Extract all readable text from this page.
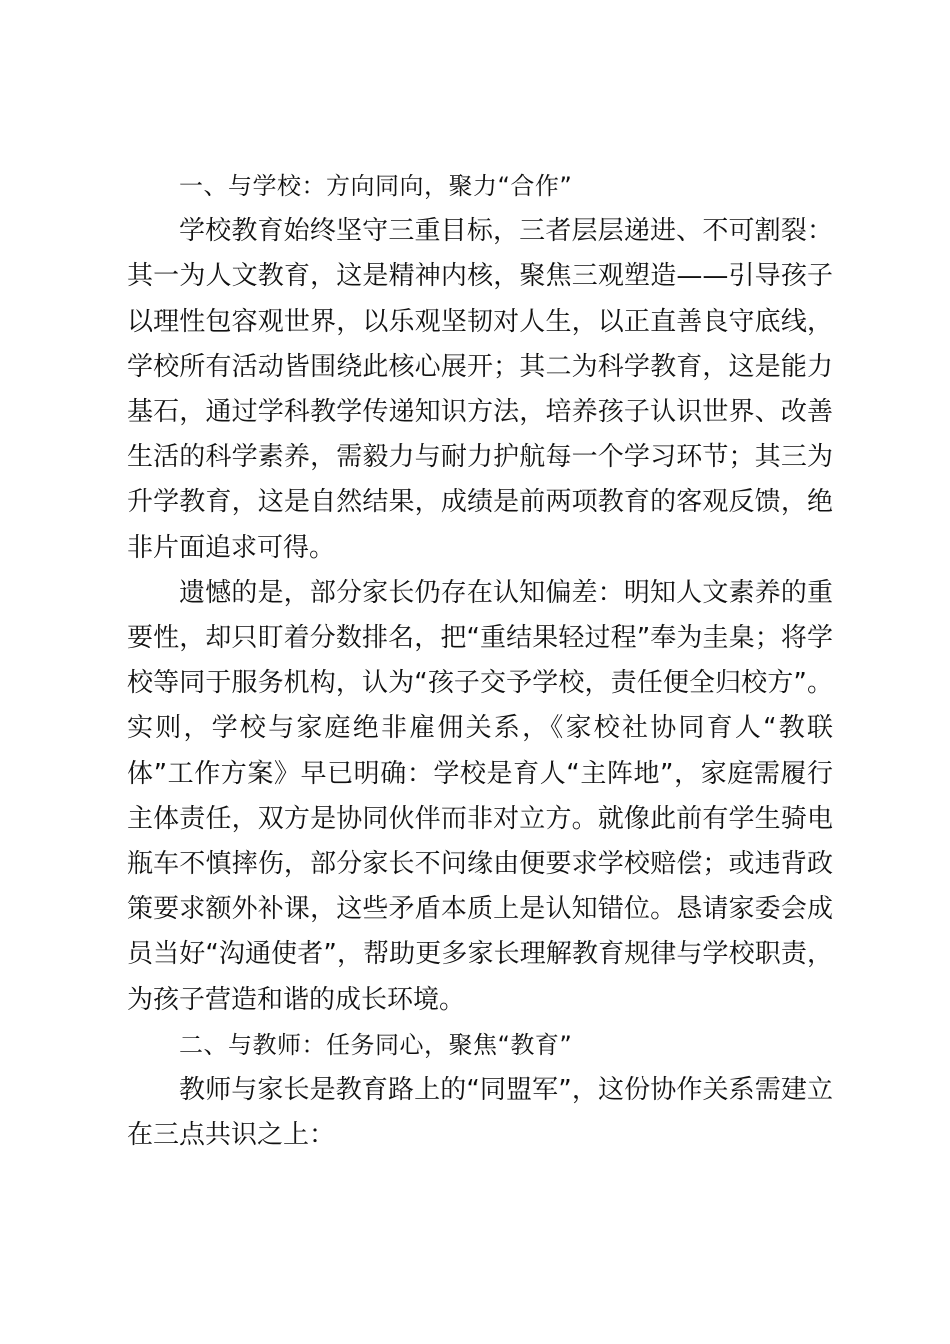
一、与学校：方向同向，聚力“合作”

学校教育始终坚守三重目标，三者层层递进、不可割裂：其一为人文教育，这是精神内核，聚焦三观塑造——引导孩子以理性包容观世界，以乐观坚韧对人生，以正直善良守底线，学校所有活动皆围绕此核心展开；其二为科学教育，这是能力基石，通过学科教学传递知识方法，培养孩子认识世界、改善生活的科学素养，需毅力与耐力护航每一个学习环节；其三为升学教育，这是自然结果，成绩是前两项教育的客观反馈，绝非片面追求可得。

遗憾的是，部分家长仍存在认知偏差：明知人文素养的重要性，却只盯着分数排名，把“重结果轻过程”奉为圭臬；将学校等同于服务机构，认为“孩子交予学校，责任便全归校方”。实则，学校与家庭绝非雇佣关系，《家校社协同育人“教联体”工作方案》早已明确：学校是育人“主阵地”，家庭需履行主体责任，双方是协同伙伴而非对立方。就像此前有学生骑电瓶车不慎摔伤，部分家长不问缘由便要求学校赔偿；或违背政策要求额外补课，这些矛盾本质上是认知错位。恳请家委会成员当好“沟通使者”，帮助更多家长理解教育规律与学校职责，为孩子营造和谐的成长环境。

二、与教师：任务同心，聚焦“教育”

教师与家长是教育路上的“同盟军”，这份协作关系需建立在三点共识之上：
